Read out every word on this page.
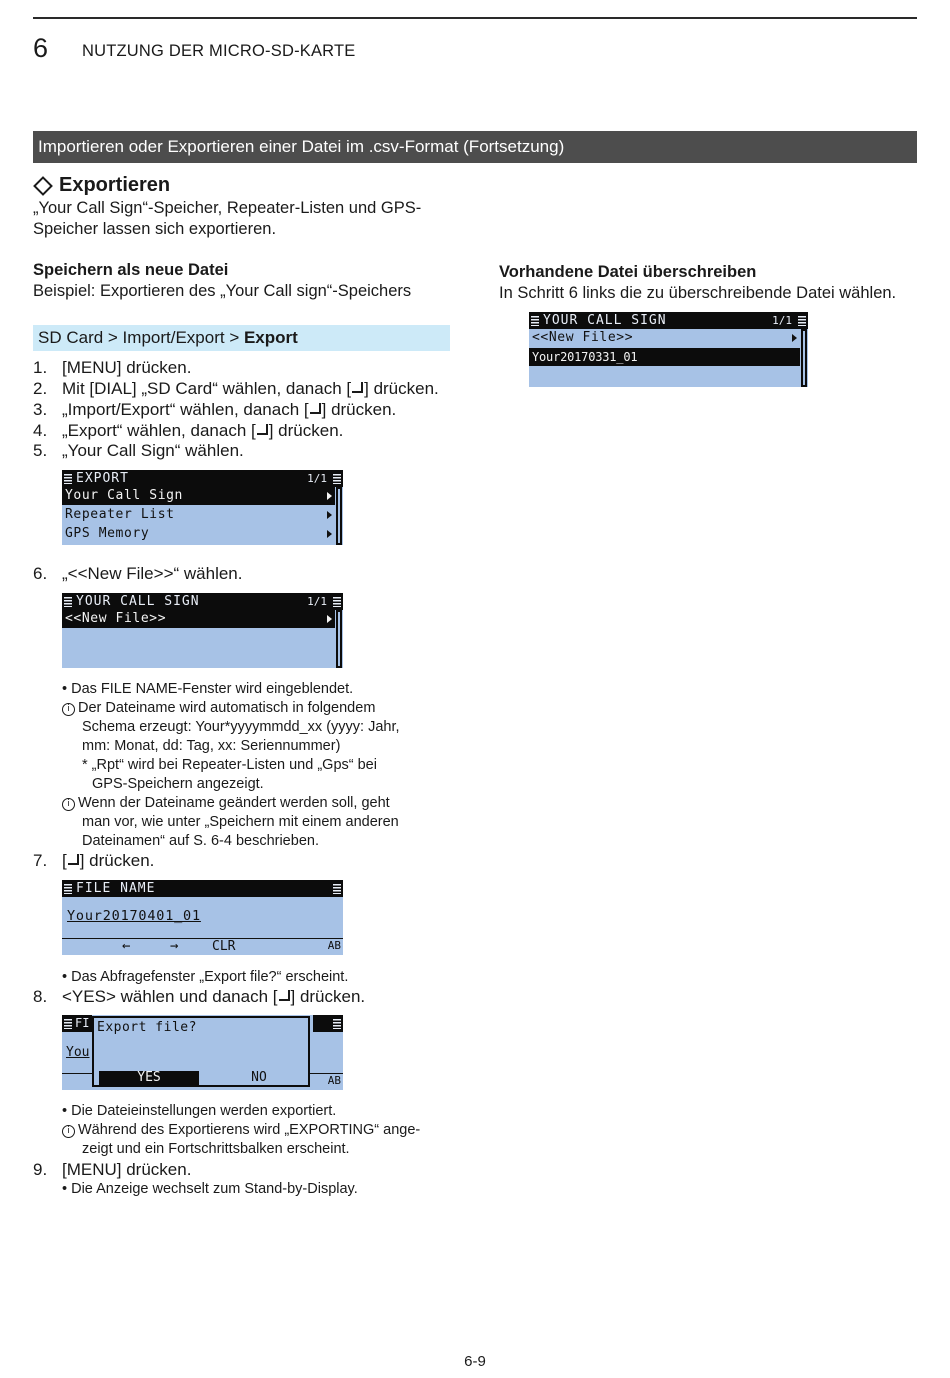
6 NUTZUNG DER MICRO-SD-KARTE
Importieren oder Exportieren einer Datei im .csv-Format (Fortsetzung)
Exportieren
„Your Call Sign“-Speicher, Repeater-Listen und GPS-
Speicher lassen sich exportieren.
Speichern als neue Datei
Beispiel: Exportieren des „Your Call sign“-Speichers
SD Card > Import/Export > Export
1. [MENU] drücken.
2. Mit [DIAL] „SD Card“ wählen, danach [ ] drücken.
3. „Import/Export“ wählen, danach [ ] drücken.
4. „Export“ wählen, danach [ ] drücken.
5. „Your Call Sign“ wählen.
EXPORT	1/1
Your Call Sign
Repeater List
GPS Memory
6. „<<New File>>“ wählen.
YOUR CALL SIGN	1/1
<<New File>>
• Das FILE NAME-Fenster wird eingeblendet.
i Der Dateiname wird automatisch in folgendem
Schema erzeugt: Your*yyyymmdd_xx (yyyy: Jahr,
mm: Monat, dd: Tag, xx: Seriennummer)
* „Rpt“ wird bei Repeater-Listen und „Gps“ bei
GPS-Speichern angezeigt.
i Wenn der Dateiname geändert werden soll, geht
man vor, wie unter „Speichern mit einem anderen
Dateinamen“ auf S. 6-4 beschrieben.
7. [ ] drücken.
FILE NAME
Your20170401_01
←	→	CLR	AB
• Das Abfragefenster „Export file?“ erscheint.
8. <YES> wählen und danach [ ] drücken.
FI
You
AB
Export file?
YES	NO
• Die Dateieinstellungen werden exportiert.
i Während des Exportierens wird „EXPORTING“ ange-
zeigt und ein Fortschrittsbalken erscheint.
9. [MENU] drücken.
• Die Anzeige wechselt zum Stand-by-Display.
Vorhandene Datei überschreiben
In Schritt 6 links die zu überschreibende Datei wählen.
YOUR CALL SIGN	1/1
<<New File>>
Your20170331_01
6-9
